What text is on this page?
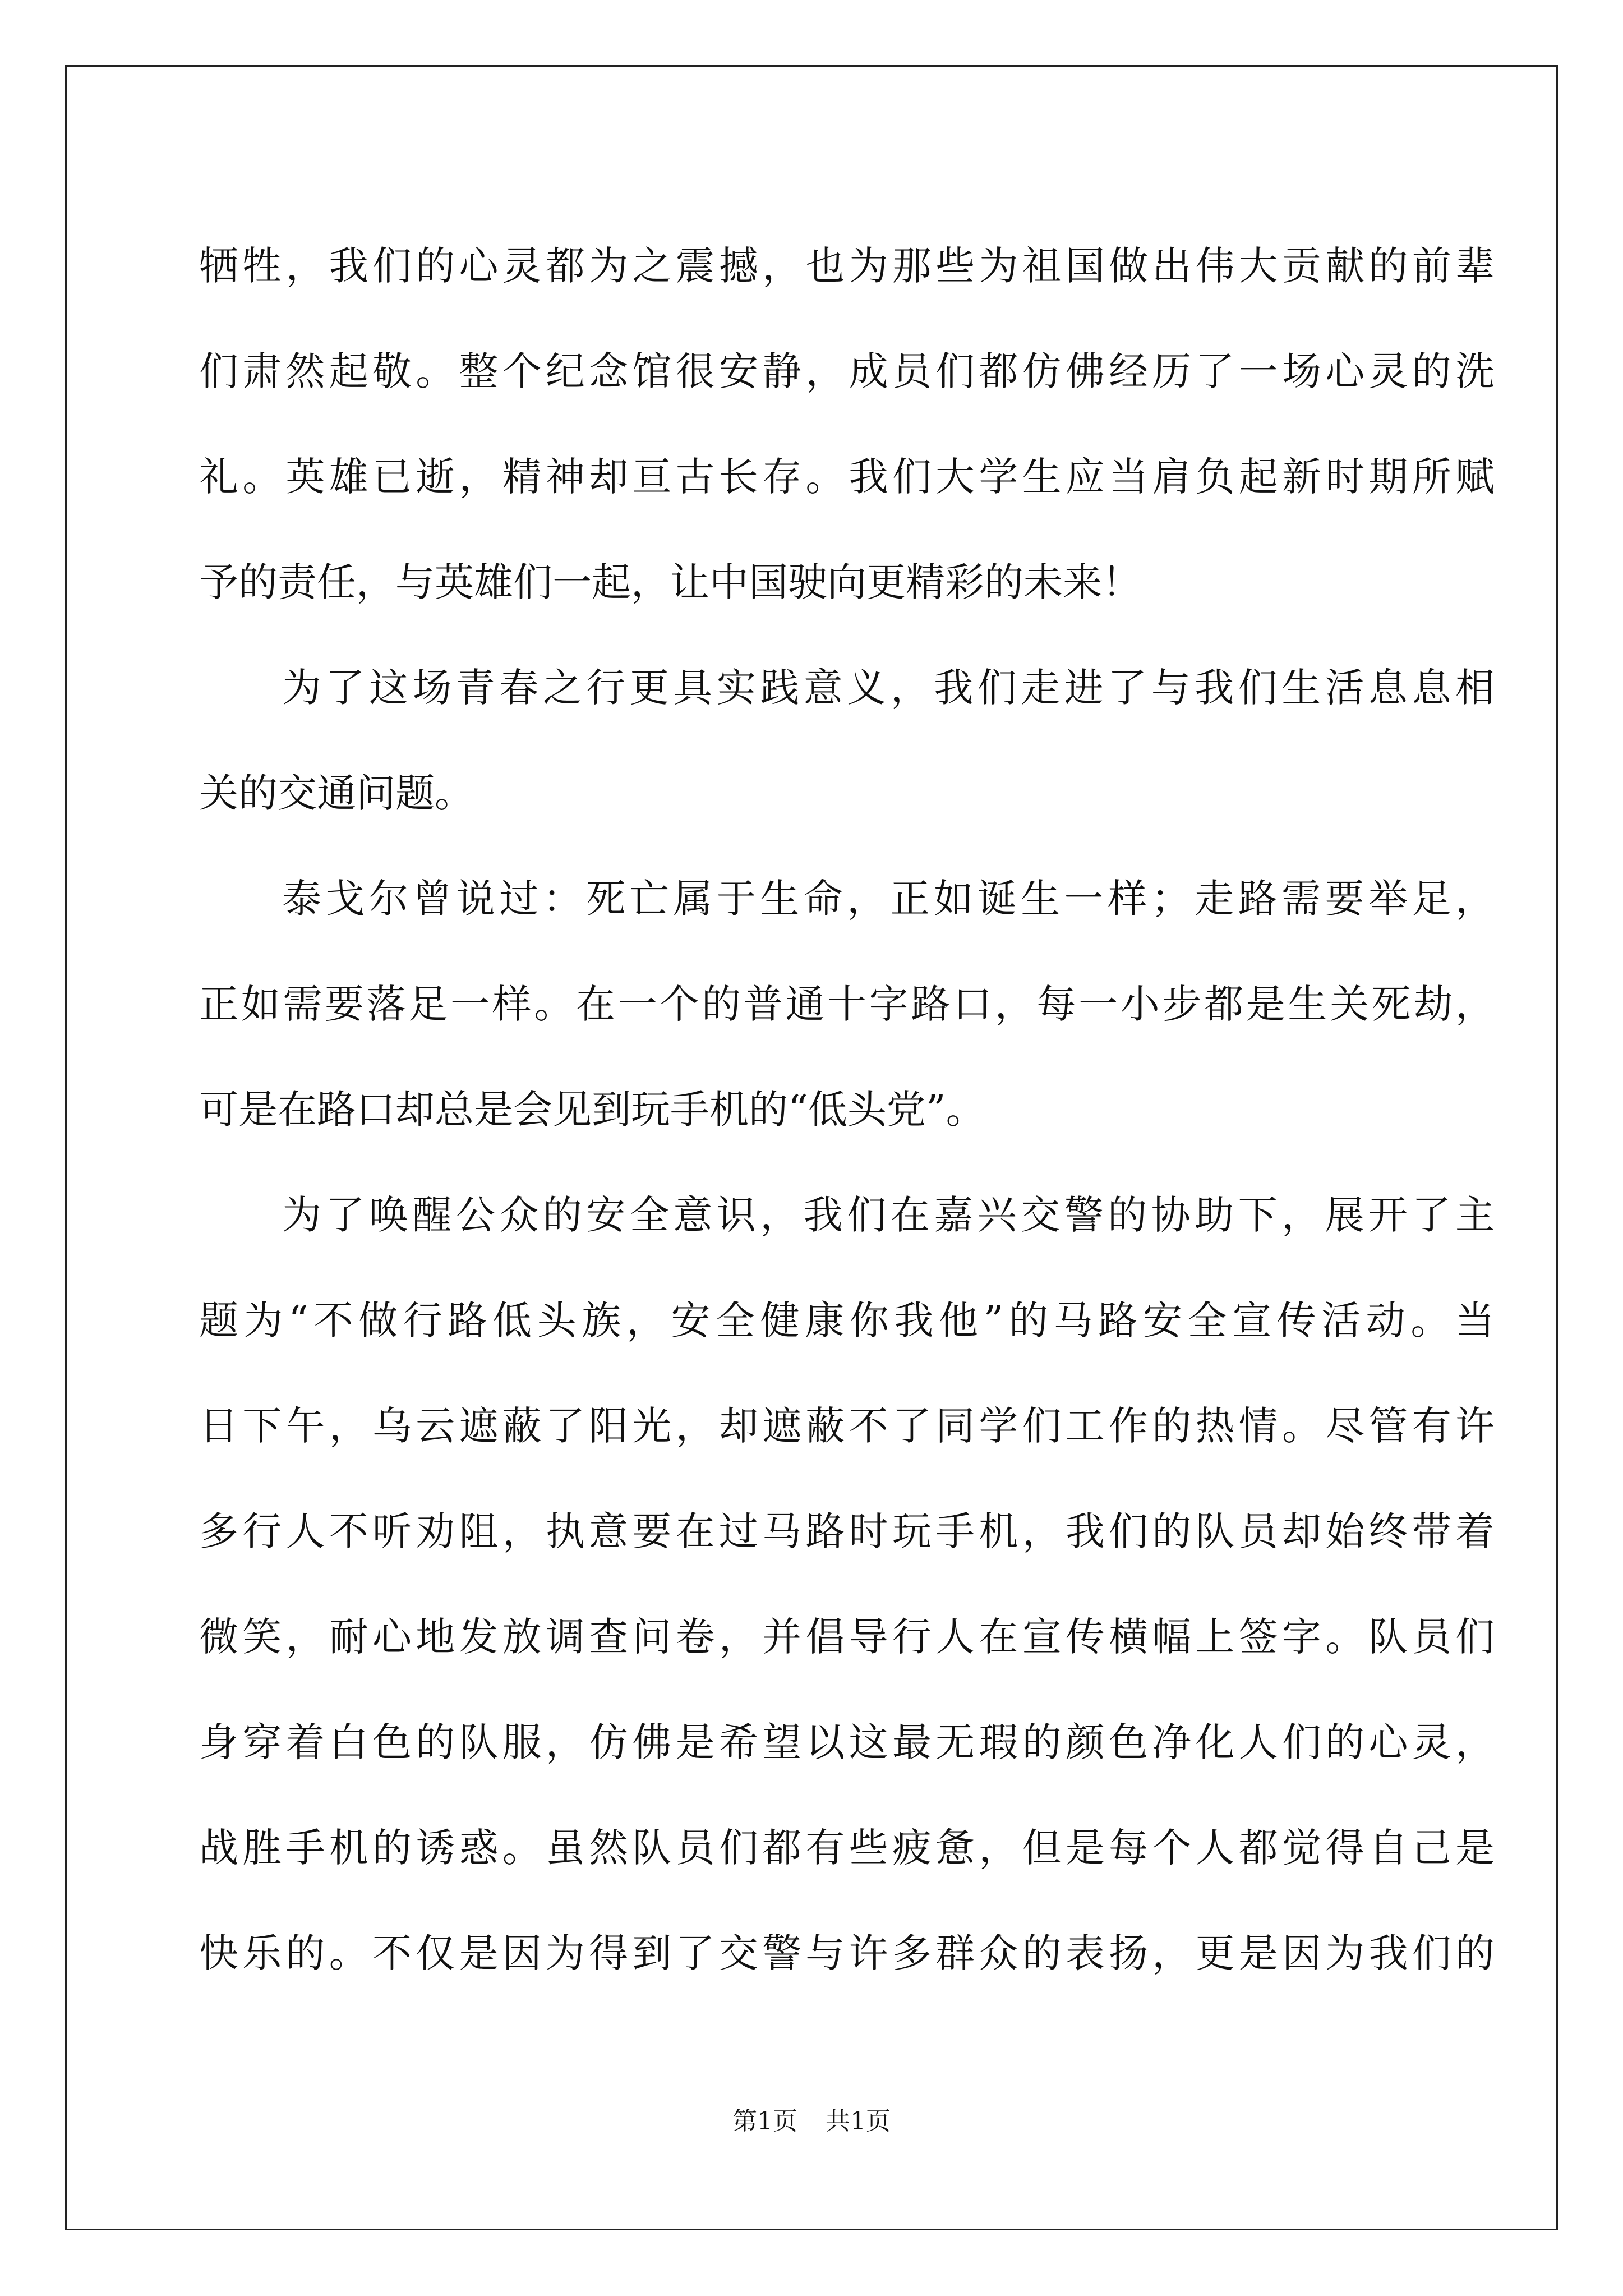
牺牲，我们的心灵都为之震撼，也为那些为祖国做出伟大贡献的前辈
们肃然起敬。整个纪念馆很安静，成员们都仿佛经历了一场心灵的洗
礼。英雄已逝，精神却亘古长存。我们大学生应当肩负起新时期所赋
予的责任，与英雄们一起，让中国驶向更精彩的未来！
为了这场青春之行更具实践意义，我们走进了与我们生活息息相
关的交通问题。
泰戈尔曾说过：死亡属于生命，正如诞生一样；走路需要举足，
正如需要落足一样。在一个的普通十字路口，每一小步都是生关死劫，
可是在路口却总是会见到玩手机的“低头党”。
为了唤醒公众的安全意识，我们在嘉兴交警的协助下，展开了主
题为“不做行路低头族，安全健康你我他”的马路安全宣传活动。当
日下午，乌云遮蔽了阳光，却遮蔽不了同学们工作的热情。尽管有许
多行人不听劝阻，执意要在过马路时玩手机，我们的队员却始终带着
微笑，耐心地发放调查问卷，并倡导行人在宣传横幅上签字。队员们
身穿着白色的队服，仿佛是希望以这最无瑕的颜色净化人们的心灵，
战胜手机的诱惑。虽然队员们都有些疲惫，但是每个人都觉得自己是
快乐的。不仅是因为得到了交警与许多群众的表扬，更是因为我们的
第1页 共1页
